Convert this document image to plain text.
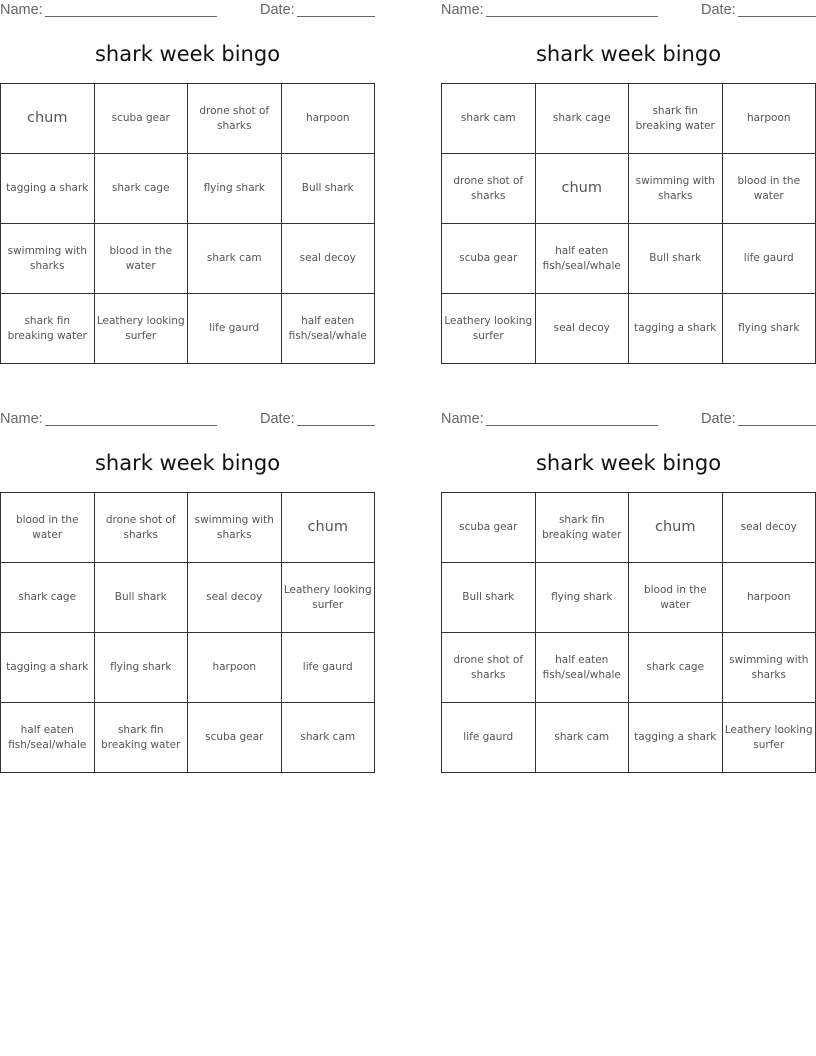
Name:	Date:
shark week bingo
chum	scuba gear	drone shot of sharks	harpoon
tagging a shark	shark cage	flying shark	Bull shark
swimming with sharks	blood in the water	shark cam	seal decoy
shark fin breaking water	Leathery looking surfer	life gaurd	half eaten fish/seal/whale
Name:	Date:
shark week bingo
shark cam	shark cage	shark fin breaking water	harpoon
drone shot of sharks	chum	swimming with sharks	blood in the water
scuba gear	half eaten fish/seal/whale	Bull shark	life gaurd
Leathery looking surfer	seal decoy	tagging a shark	flying shark
Name:	Date:
shark week bingo
blood in the water	drone shot of sharks	swimming with sharks	chum
shark cage	Bull shark	seal decoy	Leathery looking surfer
tagging a shark	flying shark	harpoon	life gaurd
half eaten fish/seal/whale	shark fin breaking water	scuba gear	shark cam
Name:	Date:
shark week bingo
scuba gear	shark fin breaking water	chum	seal decoy
Bull shark	flying shark	blood in the water	harpoon
drone shot of sharks	half eaten fish/seal/whale	shark cage	swimming with sharks
life gaurd	shark cam	tagging a shark	Leathery looking surfer
